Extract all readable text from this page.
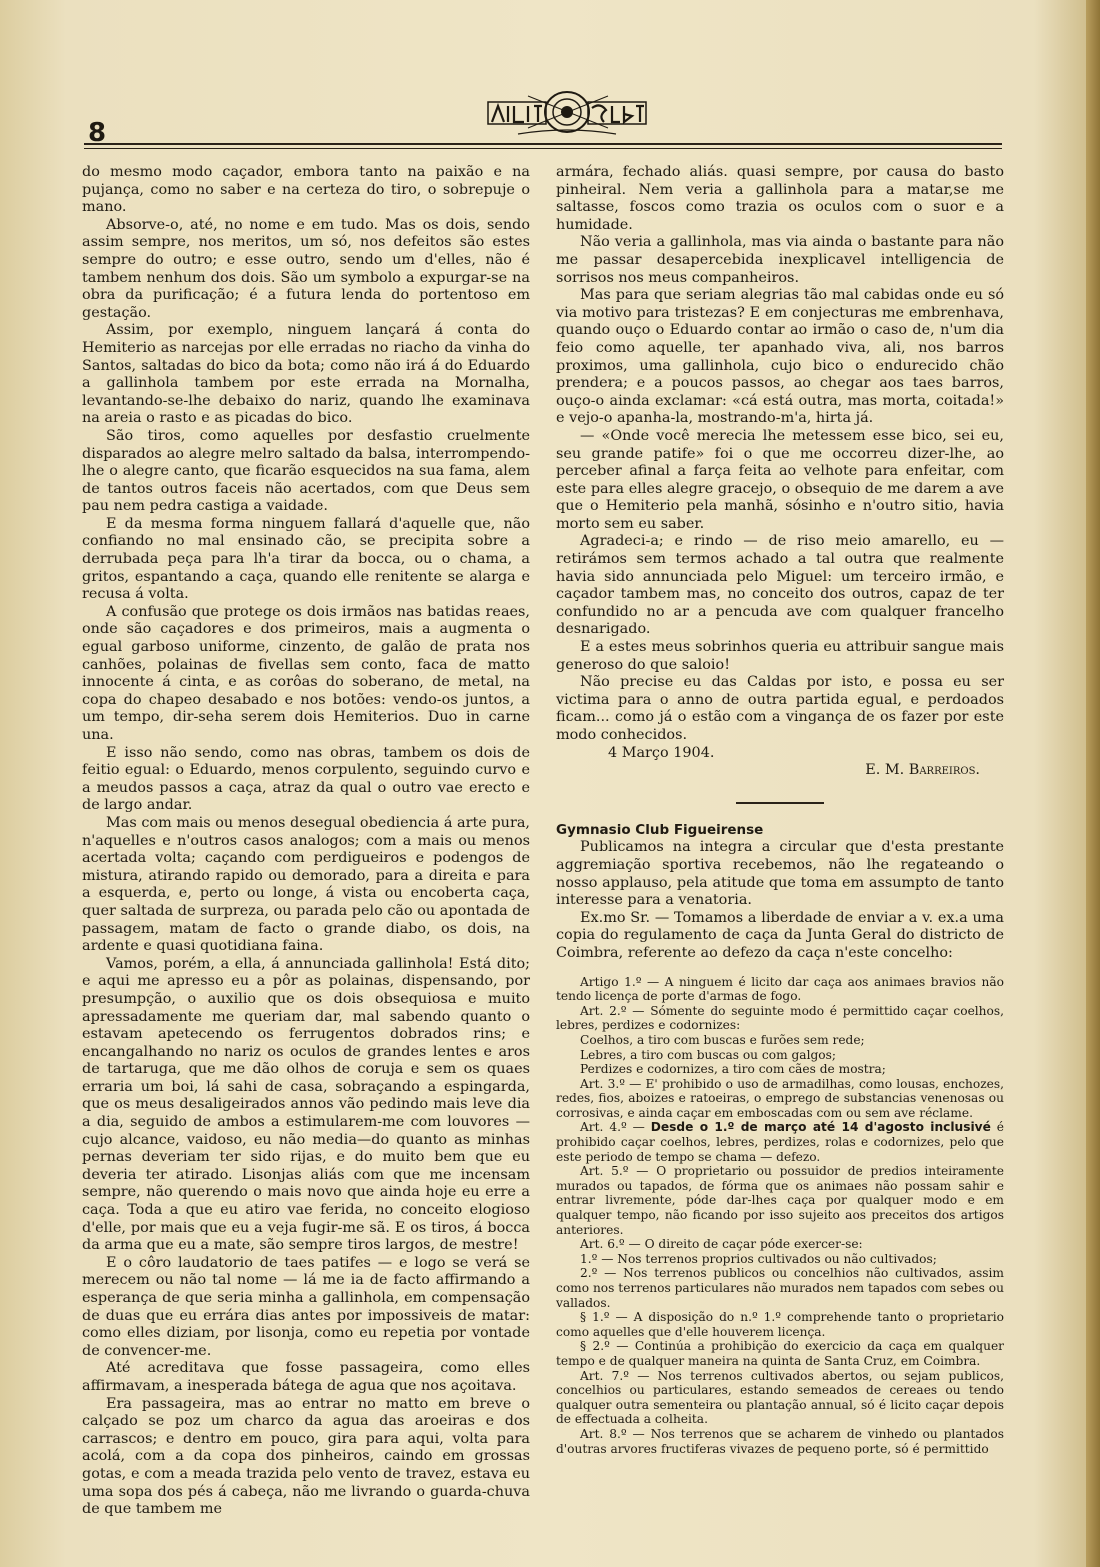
8

do mesmo modo caçador, embora tanto na paixão e na pujança, como no saber e na certeza do tiro, o sobrepuje o mano.

Absorve-o, até, no nome e em tudo. Mas os dois, sendo assim sempre, nos meritos, um só, nos defeitos são estes sempre do outro; e esse outro, sendo um d'elles, não é tambem nenhum dos dois. São um symbolo a expurgar-se na obra da purificação; é a futura lenda do portentoso em gestação.

Assim, por exemplo, ninguem lançará á conta do Hemiterio as narcejas por elle erradas no riacho da vinha do Santos, saltadas do bico da bota; como não irá á do Eduardo a gallinhola tambem por este errada na Mornalha, levantando-se-lhe debaixo do nariz, quando lhe examinava na areia o rasto e as picadas do bico.

São tiros, como aquelles por desfastio cruelmente disparados ao alegre melro saltado da balsa, interrompendo-lhe o alegre canto, que ficarão esquecidos na sua fama, alem de tantos outros faceis não acertados, com que Deus sem pau nem pedra castiga a vaidade.

E da mesma forma ninguem fallará d'aquelle que, não confiando no mal ensinado cão, se precipita sobre a derrubada peça para lh'a tirar da bocca, ou o chama, a gritos, espantando a caça, quando elle renitente se alarga e recusa á volta.

A confusão que protege os dois irmãos nas batidas reaes, onde são caçadores e dos primeiros, mais a augmenta o egual garboso uniforme, cinzento, de galão de prata nos canhões, polainas de fivellas sem conto, faca de matto innocente á cinta, e as corôas do soberano, de metal, na copa do chapeo desabado e nos botões: vendo-os juntos, a um tempo, dir-seha serem dois Hemiterios. Duo in carne una.

E isso não sendo, como nas obras, tambem os dois de feitio egual: o Eduardo, menos corpulento, seguindo curvo e a meudos passos a caça, atraz da qual o outro vae erecto e de largo andar.

Mas com mais ou menos desegual obediencia á arte pura, n'aquelles e n'outros casos analogos; com a mais ou menos acertada volta; caçando com perdigueiros e podengos de mistura, atirando rapido ou demorado, para a direita e para a esquerda, e, perto ou longe, á vista ou encoberta caça, quer saltada de surpreza, ou parada pelo cão ou apontada de passagem, matam de facto o grande diabo, os dois, na ardente e quasi quotidiana faina.

Vamos, porém, a ella, á annunciada gallinhola! Está dito; e aqui me apresso eu a pôr as polainas, dispensando, por presumpção, o auxilio que os dois obsequiosa e muito apressadamente me queriam dar, mal sabendo quanto o estavam apetecendo os ferrugentos dobrados rins; e encangalhando no nariz os oculos de grandes lentes e aros de tartaruga, que me dão olhos de coruja e sem os quaes erraria um boi, lá sahi de casa, sobraçando a espingarda, que os meus desaligeirados annos vão pedindo mais leve dia a dia, seguido de ambos a estimularem-me com louvores — cujo alcance, vaidoso, eu não media—do quanto as minhas pernas deveriam ter sido rijas, e do muito bem que eu deveria ter atirado. Lisonjas aliás com que me incensam sempre, não querendo o mais novo que ainda hoje eu erre a caça. Toda a que eu atiro vae ferida, no conceito elogioso d'elle, por mais que eu a veja fugir-me sã. E os tiros, á bocca da arma que eu a mate, são sempre tiros largos, de mestre!

E o côro laudatorio de taes patifes — e logo se verá se merecem ou não tal nome — lá me ia de facto affirmando a esperança de que seria minha a gallinhola, em compensação de duas que eu errára dias antes por impossiveis de matar: como elles diziam, por lisonja, como eu repetia por vontade de convencer-me.

Até acreditava que fosse passageira, como elles affirmavam, a inesperada bátega de agua que nos açoitava.

Era passageira, mas ao entrar no matto em breve o calçado se poz um charco da agua das aroeiras e dos carrascos; e dentro em pouco, gira para aqui, volta para acolá, com a da copa dos pinheiros, caindo em grossas gotas, e com a meada trazida pelo vento de travez, estava eu uma sopa dos pés á cabeça, não me livrando o guarda-chuva de que tambem me

armára, fechado aliás. quasi sempre, por causa do basto pinheiral. Nem veria a gallinhola para a matar,se me saltasse, foscos como trazia os oculos com o suor e a humidade.

Não veria a gallinhola, mas via ainda o bastante para não me passar desapercebida inexplicavel intelligencia de sorrisos nos meus companheiros.

Mas para que seriam alegrias tão mal cabidas onde eu só via motivo para tristezas? E em conjecturas me embrenhava, quando ouço o Eduardo contar ao irmão o caso de, n'um dia feio como aquelle, ter apanhado viva, ali, nos barros proximos, uma gallinhola, cujo bico o endurecido chão prendera; e a poucos passos, ao chegar aos taes barros, ouço-o ainda exclamar: «cá está outra, mas morta, coitada!» e vejo-o apanha-la, mostrando-m'a, hirta já.

— «Onde você merecia lhe metessem esse bico, sei eu, seu grande patife» foi o que me occorreu dizer-lhe, ao perceber afinal a farça feita ao velhote para enfeitar, com este para elles alegre gracejo, o obsequio de me darem a ave que o Hemiterio pela manhã, sósinho e n'outro sitio, havia morto sem eu saber.

Agradeci-a; e rindo — de riso meio amarello, eu — retirámos sem termos achado a tal outra que realmente havia sido annunciada pelo Miguel: um terceiro irmão, e caçador tambem mas, no conceito dos outros, capaz de ter confundido no ar a pencuda ave com qualquer francelho desnarigado.

E a estes meus sobrinhos queria eu attribuir sangue mais generoso do que saloio!

Não precise eu das Caldas por isto, e possa eu ser victima para o anno de outra partida egual, e perdoados ficam... como já o estão com a vingança de os fazer por este modo conhecidos.

4 Março 1904.

E. M. Barreiros.

Gymnasio Club Figueirense

Publicamos na integra a circular que d'esta prestante aggremiação sportiva recebemos, não lhe regateando o nosso applauso, pela atitude que toma em assumpto de tanto interesse para a venatoria.

Ex.mo Sr. — Tomamos a liberdade de enviar a v. ex.a uma copia do regulamento de caça da Junta Geral do districto de Coimbra, referente ao defezo da caça n'este concelho:

Artigo 1.º — A ninguem é licito dar caça aos animaes bravios não tendo licença de porte d'armas de fogo.

Art. 2.º — Sómente do seguinte modo é permittido caçar coelhos, lebres, perdizes e codornizes:

Coelhos, a tiro com buscas e furões sem rede;

Lebres, a tiro com buscas ou com galgos;

Perdizes e codornizes, a tiro com cães de mostra;

Art. 3.º — E' prohibido o uso de armadilhas, como lousas, enchozes, redes, fios, aboizes e ratoeiras, o emprego de substancias venenosas ou corrosivas, e ainda caçar em emboscadas com ou sem ave réclame.

Art. 4.º — Desde o 1.º de março até 14 d'agosto inclusivé é prohibido caçar coelhos, lebres, perdizes, rolas e codornizes, pelo que este periodo de tempo se chama — defezo.

Art. 5.º — O proprietario ou possuidor de predios inteiramente murados ou tapados, de fórma que os animaes não possam sahir e entrar livremente, póde dar-lhes caça por qualquer modo e em qualquer tempo, não ficando por isso sujeito aos preceitos dos artigos anteriores.

Art. 6.º — O direito de caçar póde exercer-se:

1.º — Nos terrenos proprios cultivados ou não cultivados;

2.º — Nos terrenos publicos ou concelhios não cultivados, assim como nos terrenos particulares não murados nem tapados com sebes ou vallados.

§ 1.º — A disposição do n.º 1.º comprehende tanto o proprietario como aquelles que d'elle houverem licença.

§ 2.º — Continúa a prohibição do exercicio da caça em qualquer tempo e de qualquer maneira na quinta de Santa Cruz, em Coimbra.

Art. 7.º — Nos terrenos cultivados abertos, ou sejam publicos, concelhios ou particulares, estando semeados de cereaes ou tendo qualquer outra sementeira ou plantação annual, só é licito caçar depois de effectuada a colheita.

Art. 8.º — Nos terrenos que se acharem de vinhedo ou plantados d'outras arvores fructiferas vivazes de pequeno porte, só é permittido
